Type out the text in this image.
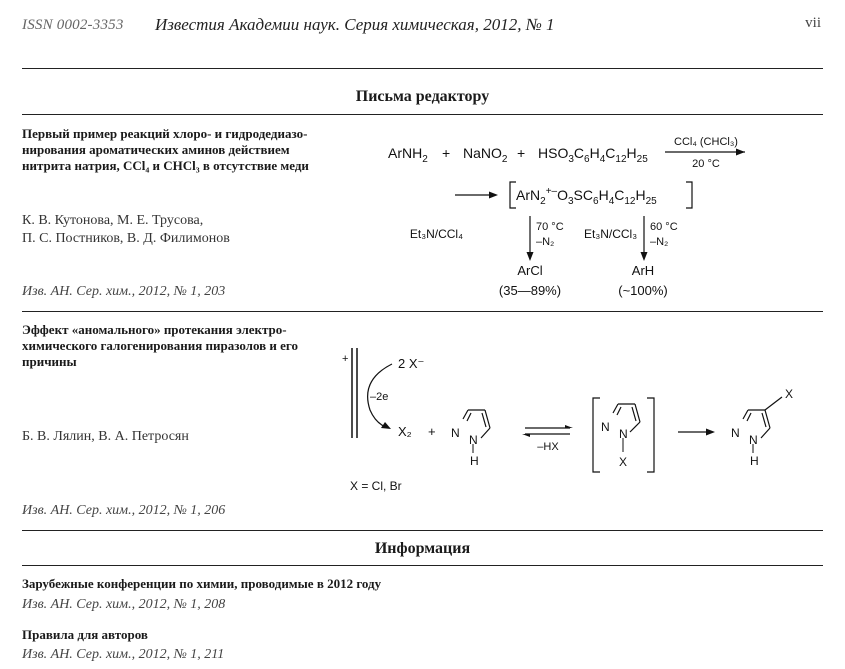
ISSN 0002-3353 Известия Академии наук. Серия химическая, 2012, № 1	vii
Письма редактору
Первый пример реакций хлоро- и гидродедиазо-
нирования ароматических аминов действием
нитрита натрия, CCl₄ и CHCl₃ в отсутствие меди
К. В. Кутонова, М. Е. Трусова,
П. С. Постников, В. Д. Филимонов
Изв. АН. Сер. хим., 2012, № 1, 203
ArNH$_2$ + NaNO$_2$ + $HSO_3C_6H_4C_{12}H_{25}$
CCl₄ (CHCl₃)
20 °C
$ArN_2^{+-}O_3SC_6H_4C_{12}H_{25}$
Et₃N/CCl₄	70 °C
–N₂
Et₃N/CCl₃ 60 °C
–N₂
ArCl
(35—89%)
ArH
(~100%)
Эффект «аномального» протекания электро-
химического галогенирования пиразолов и его
причины
Б. В. Лялин, В. А. Петросян
Изв. АН. Сер. хим., 2012, № 1, 206
+	2 X⁻
–2e
X₂ + N N
H
–HX
N N
X
X
N N
H
X = Cl, Br
Информация
Зарубежные конференции по химии, проводимые в 2012 году
Изв. АН. Сер. хим., 2012, № 1, 208
Правила для авторов
Изв. АН. Сер. хим., 2012, № 1, 211
